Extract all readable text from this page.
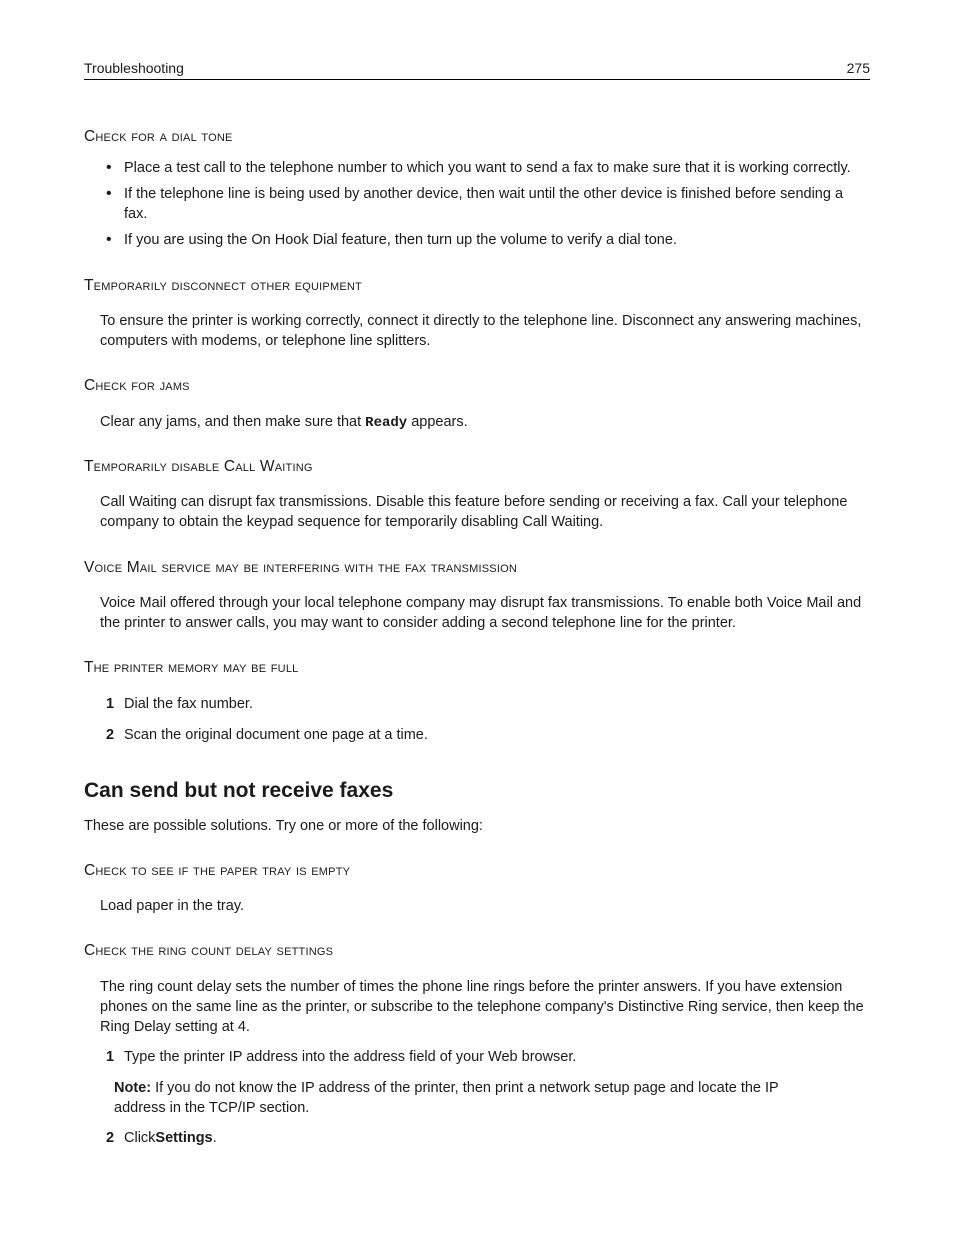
Troubleshooting	275
Check for a dial tone
• Place a test call to the telephone number to which you want to send a fax to make sure that it is working correctly.
• If the telephone line is being used by another device, then wait until the other device is finished before sending a fax.
• If you are using the On Hook Dial feature, then turn up the volume to verify a dial tone.
Temporarily disconnect other equipment

To ensure the printer is working correctly, connect it directly to the telephone line. Disconnect any answering machines, computers with modems, or telephone line splitters.

Check for jams

Clear any jams, and then make sure that Ready appears.

Temporarily disable Call Waiting

Call Waiting can disrupt fax transmissions. Disable this feature before sending or receiving a fax. Call your telephone company to obtain the keypad sequence for temporarily disabling Call Waiting.

Voice Mail service may be interfering with the fax transmission

Voice Mail offered through your local telephone company may disrupt fax transmissions. To enable both Voice Mail and the printer to answer calls, you may want to consider adding a second telephone line for the printer.

The printer memory may be full
1 Dial the fax number.
2 Scan the original document one page at a time.
Can send but not receive faxes

These are possible solutions. Try one or more of the following:

Check to see if the paper tray is empty

Load paper in the tray.

Check the ring count delay settings

The ring count delay sets the number of times the phone line rings before the printer answers. If you have extension phones on the same line as the printer, or subscribe to the telephone company's Distinctive Ring service, then keep the Ring Delay setting at 4.

1 Type the printer IP address into the address field of your Web browser.

Note: If you do not know the IP address of the printer, then print a network setup page and locate the IP address in the TCP/IP section.

2 Click Settings .
